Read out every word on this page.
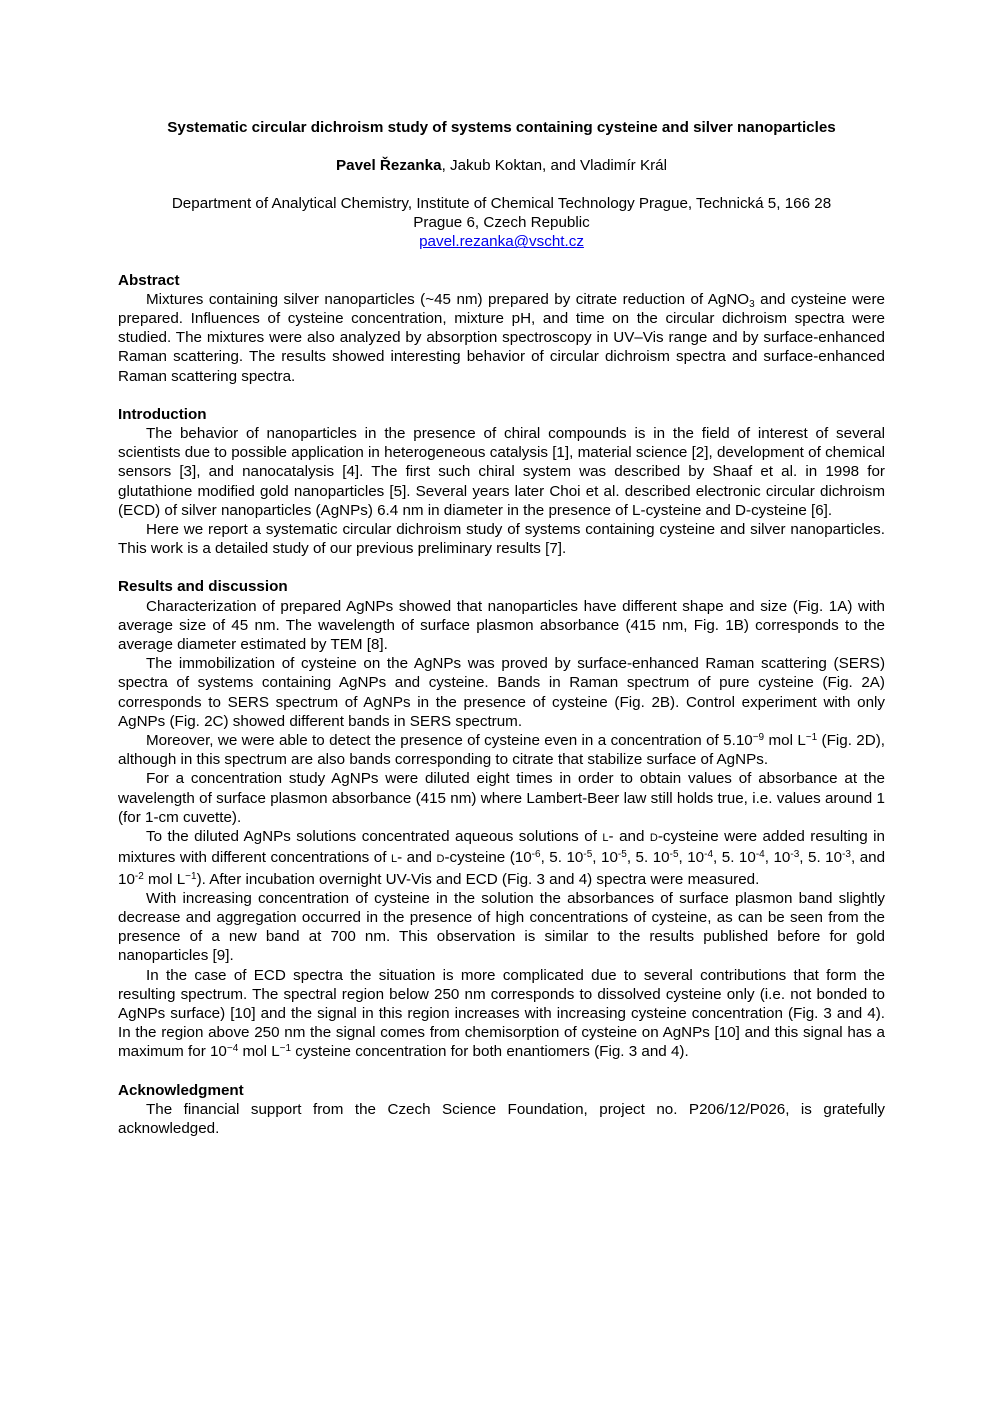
Systematic circular dichroism study of systems containing cysteine and silver nanoparticles

Pavel Řezanka, Jakub Koktan, and Vladimír Král

Department of Analytical Chemistry, Institute of Chemical Technology Prague, Technická 5, 166 28
Prague 6, Czech Republic
pavel.rezanka@vscht.cz
Abstract

Mixtures containing silver nanoparticles (~45 nm) prepared by citrate reduction of AgNO$_3$ and cysteine were prepared. Influences of cysteine concentration, mixture pH, and time on the circular dichroism spectra were studied. The mixtures were also analyzed by absorption spectroscopy in UV–Vis range and by surface-enhanced Raman scattering. The results showed interesting behavior of circular dichroism spectra and surface-enhanced Raman scattering spectra.

Introduction

The behavior of nanoparticles in the presence of chiral compounds is in the field of interest of several scientists due to possible application in heterogeneous catalysis [1], material science [2], development of chemical sensors [3], and nanocatalysis [4]. The first such chiral system was described by Shaaf et al. in 1998 for glutathione modified gold nanoparticles [5]. Several years later Choi et al. described electronic circular dichroism (ECD) of silver nanoparticles (AgNPs) 6.4 nm in diameter in the presence of L-cysteine and D-cysteine [6].

Here we report a systematic circular dichroism study of systems containing cysteine and silver nanoparticles. This work is a detailed study of our previous preliminary results [7].

Results and discussion

Characterization of prepared AgNPs showed that nanoparticles have different shape and size (Fig. 1A) with average size of 45 nm. The wavelength of surface plasmon absorbance (415 nm, Fig. 1B) corresponds to the average diameter estimated by TEM [8].

The immobilization of cysteine on the AgNPs was proved by surface-enhanced Raman scattering (SERS) spectra of systems containing AgNPs and cysteine. Bands in Raman spectrum of pure cysteine (Fig. 2A) corresponds to SERS spectrum of AgNPs in the presence of cysteine (Fig. 2B). Control experiment with only AgNPs (Fig. 2C) showed different bands in SERS spectrum.

Moreover, we were able to detect the presence of cysteine even in a concentration of $5.10^{-9}$ mol $L^{-1}$ (Fig. 2D), although in this spectrum are also bands corresponding to citrate that stabilize surface of AgNPs.

For a concentration study AgNPs were diluted eight times in order to obtain values of absorbance at the wavelength of surface plasmon absorbance (415 nm) where Lambert-Beer law still holds true, i.e. values around 1 (for 1-cm cuvette).

To the diluted AgNPs solutions concentrated aqueous solutions of L- and D-cysteine were added resulting in mixtures with different concentrations of L- and D-cysteine ($10^{-6}$, 5. $10^{-5}$, $10^{-5}$, 5. $10^{-5}$, $10^{-4}$, 5. $10^{-4}$, $10^{-3}$, 5. $10^{-3}$, and $10^{-2}$ mol $L^{-1}$). After incubation overnight UV-Vis and ECD (Fig. 3 and 4) spectra were measured.

With increasing concentration of cysteine in the solution the absorbances of surface plasmon band slightly decrease and aggregation occurred in the presence of high concentrations of cysteine, as can be seen from the presence of a new band at 700 nm. This observation is similar to the results published before for gold nanoparticles [9].

In the case of ECD spectra the situation is more complicated due to several contributions that form the resulting spectrum. The spectral region below 250 nm corresponds to dissolved cysteine only (i.e. not bonded to AgNPs surface) [10] and the signal in this region increases with increasing cysteine concentration (Fig. 3 and 4). In the region above 250 nm the signal comes from chemisorption of cysteine on AgNPs [10] and this signal has a maximum for $10^{-4}$ mol $L^{-1}$ cysteine concentration for both enantiomers (Fig. 3 and 4).

Acknowledgment

The financial support from the Czech Science Foundation, project no. P206/12/P026, is gratefully acknowledged.
